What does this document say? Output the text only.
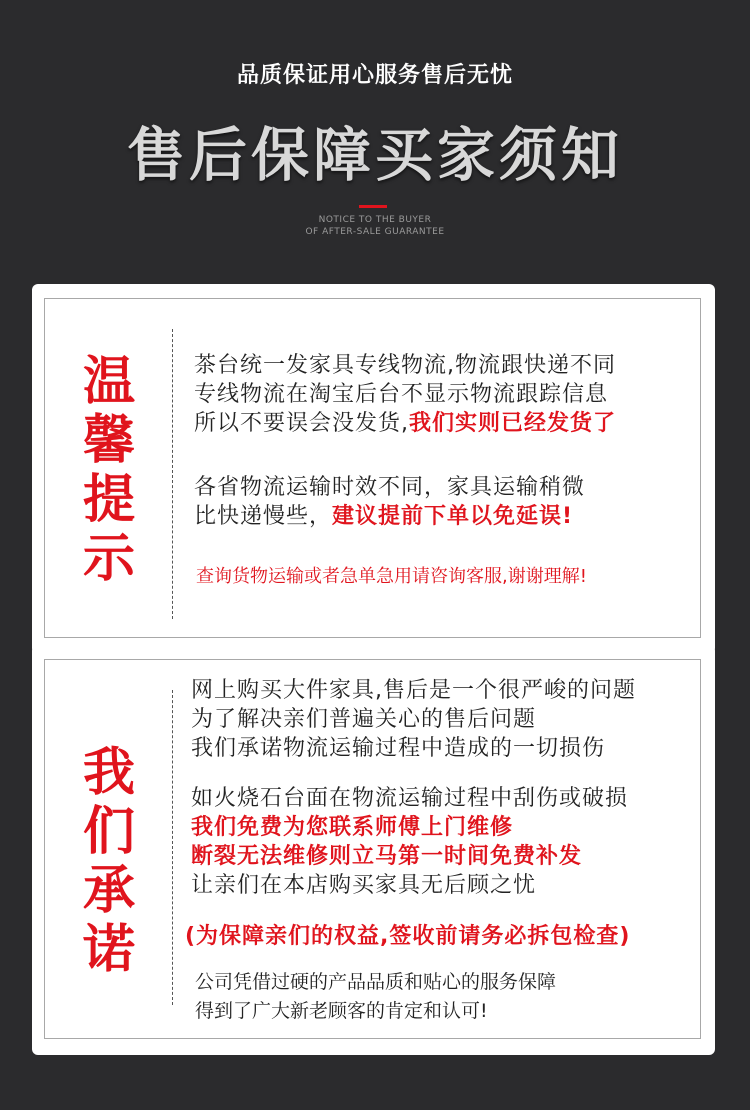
品质保证用心服务售后无忧
售后保障买家须知
NOTICE TO THE BUYER
OF AFTER-SALE GUARANTEE
温
馨
提
示
茶台统一发家具专线物流,物流跟快递不同
专线物流在淘宝后台不显示物流跟踪信息
所以不要误会没发货,我们实则已经发货了
各省物流运输时效不同，家具运输稍微
比快递慢些，建议提前下单以免延误!
查询货物运输或者急单急用请咨询客服,谢谢理解!
我
们
承
诺
网上购买大件家具,售后是一个很严峻的问题
为了解决亲们普遍关心的售后问题
我们承诺物流运输过程中造成的一切损伤
如火烧石台面在物流运输过程中刮伤或破损
我们免费为您联系师傅上门维修
断裂无法维修则立马第一时间免费补发
让亲们在本店购买家具无后顾之忧
(为保障亲们的权益,签收前请务必拆包检查)
公司凭借过硬的产品品质和贴心的服务保障
得到了广大新老顾客的肯定和认可!
